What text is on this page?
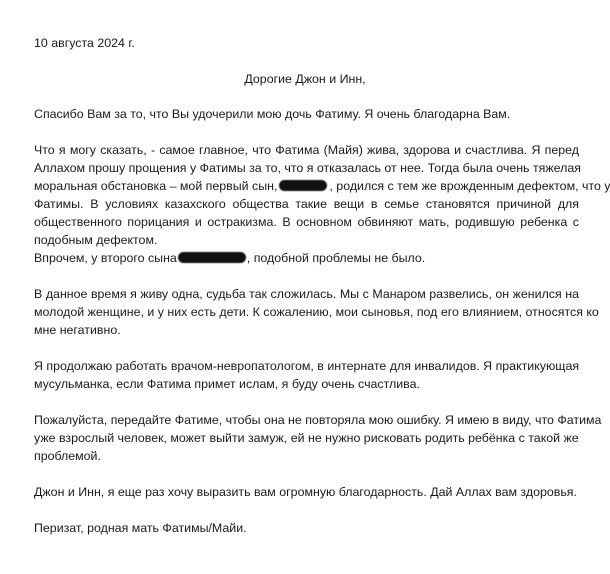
10 августа 2024 г.
Дорогие Джон и Инн,
Спасибо Вам за то, что Вы удочерили мою дочь Фатиму. Я очень благодарна Вам.
Что я могу сказать, - самое главное, что Фатима (Майя) жива, здорова и счастлива. Я перед
Аллахом прошу прощения у Фатимы за то, что я отказалась от нее. Тогда была очень тяжелая
моральная обстановка – мой первый сын,	, родился с тем же врожденным дефектом, что у
Фатимы. В условиях казахского общества такие вещи в семье становятся причиной для
общественного порицания и остракизма. В основном обвиняют мать, родившую ребенка с
подобным дефектом.
Впрочем, у второго сына	, подобной проблемы не было.
В данное время я живу одна, судьба так сложилась. Мы с Манаром развелись, он женился на
молодой женщине, и у них есть дети. К сожалению, мои сыновья, под его влиянием, относятся ко
мне негативно.
Я продолжаю работать врачом-невропатологом, в интернате для инвалидов. Я практикующая
мусульманка, если Фатима примет ислам, я буду очень счастлива.
Пожалуйста, передайте Фатиме, чтобы она не повторяла мою ошибку. Я имею в виду, что Фатима
уже взрослый человек, может выйти замуж, ей не нужно рисковать родить ребёнка с такой же
проблемой.
Джон и Инн, я еще раз хочу выразить вам огромную благодарность. Дай Аллах вам здоровья.
Перизат, родная мать Фатимы/Майи.
